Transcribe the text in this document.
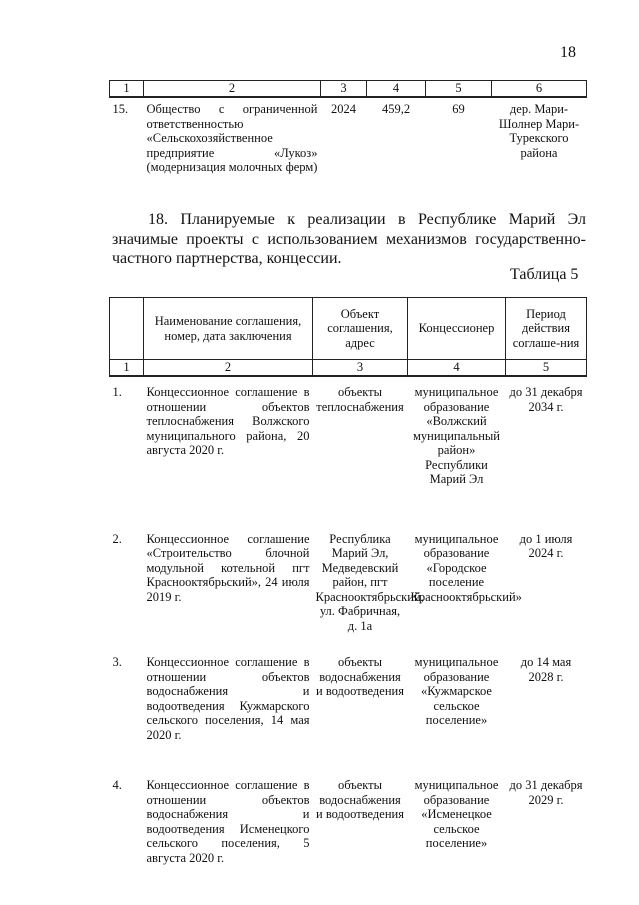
18
1	2	3	4	5	6
15.	Общество с ограниченной ответственностью «Сельскохозяйственное предприятие «Лукоз» (модернизация молочных ферм)	2024	459,2	69	дер. Мари-Шолнер Мари-Турекского района

18. Планируемые к реализации в Республике Марий Эл значимые проекты с использованием механизмов государственно-частного партнерства, концессии.

Таблица 5
	Наименование соглашения, номер, дата заключения	Объект соглашения, адрес	Концессионер	Период действия соглаше-ния
1	2	3	4	5
1.	Концессионное соглашение в отношении объектов теплоснабжения Волжского муниципального района, 20 августа 2020 г.	объекты теплоснабжения	муниципальное образование «Волжский муниципальный район» Республики Марий Эл	до 31 декабря 2034 г.

2.	Концессионное соглашение «Строительство блочной модульной котельной пгт Краснооктябрьский», 24 июля 2019 г.	Республика Марий Эл, Медведевский район, пгт Краснооктябрьский, ул. Фабричная, д. 1а	муниципальное образование «Городское поселение Краснооктябрьский»	до 1 июля 2024 г.

3.	Концессионное соглашение в отношении объектов водоснабжения и водоотведения Кужмарского сельского поселения, 14 мая 2020 г.	объекты водоснабжения и водоотведения	муниципальное образование «Кужмарское сельское поселение»	до 14 мая 2028 г.

4.	Концессионное соглашение в отношении объектов водоснабжения и водоотведения Исменецкого сельского поселения, 5 августа 2020 г.	объекты водоснабжения и водоотведения	муниципальное образование «Исменецкое сельское поселение»	до 31 декабря 2029 г.
